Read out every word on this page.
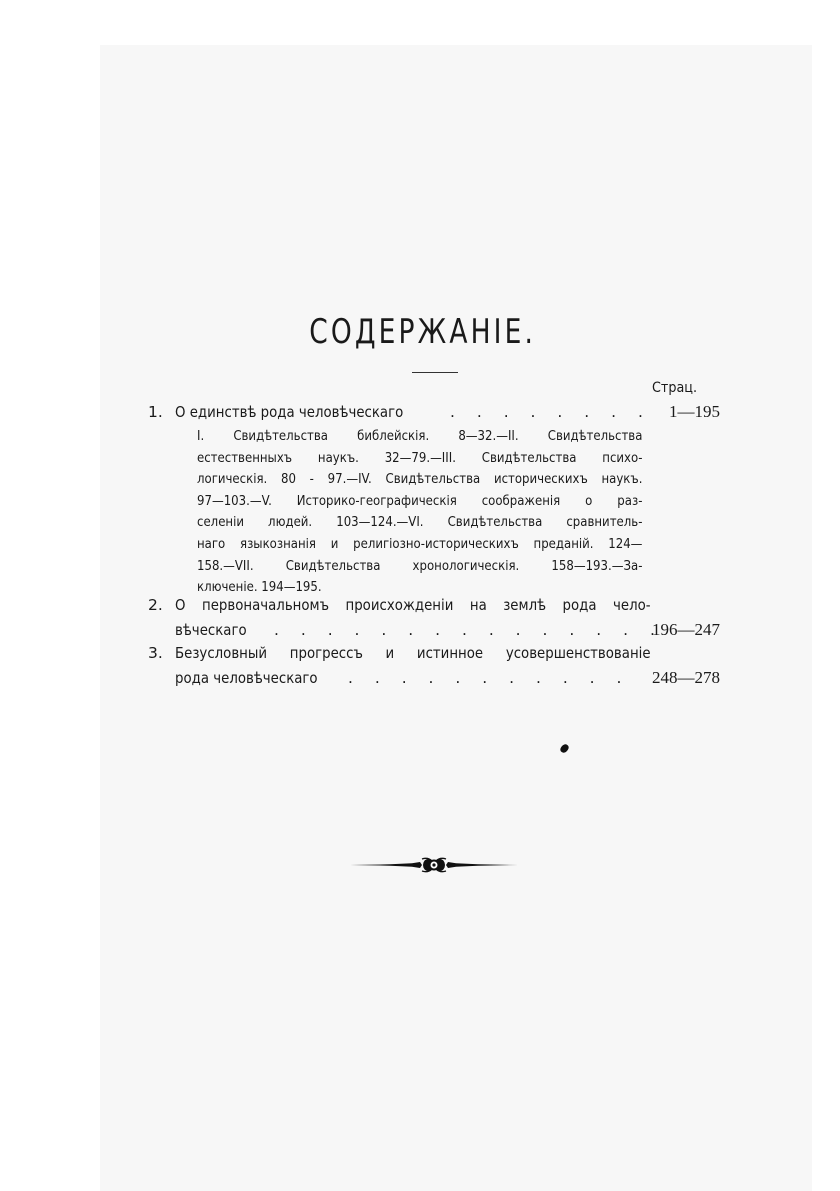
СОДЕРЖАНІЕ.
Страц.
1. О единствѣ рода человѣческаго	. . . . . . . . 1—195
I. Свидѣтельства библейскія. 8—32.—II. Свидѣтельства
естественныхъ наукъ. 32—79.—III. Свидѣтельства психо-
логическія. 80 - 97.—IV. Свидѣтельства историческихъ наукъ.
97—103.—V. Историко-географическія соображенія о раз-
селеніи людей. 103—124.—VI. Свидѣтельства сравнитель-
наго языкознанія и религіозно-историческихъ преданій. 124—
158.—VII. Свидѣтельства хронологическія. 158—193.—За-
ключеніе. 194—195.
2. О первоначальномъ происхожденіи на землѣ рода чело-
вѣческаго . . . . . . . . . . . . . . .
196—247
3. Безусловный прогрессъ и истинное усовершенствованіе
рода человѣческаго . . . . . . . . . . . 248—278
